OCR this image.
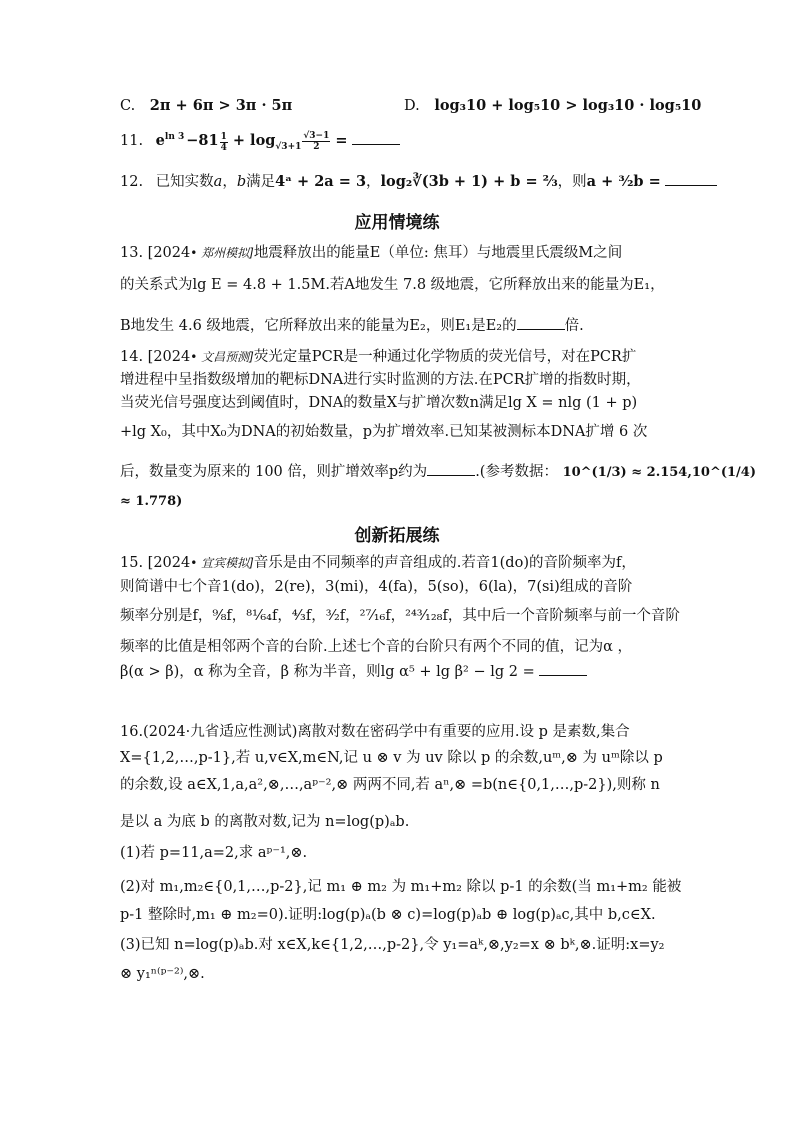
C. 2π + 6π > 3π · 5π	D. log₃10 + log₅10 > log₃10 · log₅10
11. $e^{ln 3} -81 \frac{1}{4} + \log_{√3+1} \frac{√3-1}{2}$ =
12. 已知实数a，b满足4ᵃ + 2a = 3，log₂∛(3b + 1) + b = ⅔，则a + ³⁄₂b =
应用情境练
13. [2024• 郑州模拟]地震释放出的能量E（单位: 焦耳）与地震里氏震级M之间
的关系式为lg E = 4.8 + 1.5M.若A地发生 7.8 级地震，它所释放出来的能量为E₁，
B地发生 4.6 级地震，它所释放出来的能量为E₂，则E₁是E₂的	倍.
14. [2024• 文昌预测]荧光定量PCR是一种通过化学物质的荧光信号，对在PCR扩
增进程中呈指数级增加的靶标DNA进行实时监测的方法.在PCR扩增的指数时期，
当荧光信号强度达到阈值时，DNA的数量X与扩增次数n满足lg X = nlg (1 + p)
+lg X₀，其中X₀为DNA的初始数量，p为扩增效率.已知某被测标本DNA扩增 6 次
后，数量变为原来的 100 倍，则扩增效率p约为	.(参考数据： 10^(1/3) ≈ 2.154,10^(1/4)
≈ 1.778)
创新拓展练
15. [2024• 宜宾模拟]音乐是由不同频率的声音组成的.若音1(do)的音阶频率为f，
则简谱中七个音1(do)，2(re)，3(mi)，4(fa)，5(so)，6(la)，7(si)组成的音阶
频率分别是f，⁹⁄₈f，⁸¹⁄₆₄f，⁴⁄₃f，³⁄₂f，²⁷⁄₁₆f，²⁴³⁄₁₂₈f，其中后一个音阶频率与前一个音阶
频率的比值是相邻两个音的台阶.上述七个音的台阶只有两个不同的值，记为α ，
β(α > β)，α 称为全音，β 称为半音，则lg α⁵ + lg β² − lg 2 =
16.(2024·九省适应性测试)离散对数在密码学中有重要的应用.设 p 是素数,集合
X={1,2,…,p-1},若 u,v∈X,m∈N,记 u ⊗ v 为 uv 除以 p 的余数,uᵐ,⊗ 为 uᵐ除以 p
的余数,设 a∈X,1,a,a²,⊗,…,aᵖ⁻²,⊗ 两两不同,若 aⁿ,⊗ =b(n∈{0,1,…,p-2}),则称 n
是以 a 为底 b 的离散对数,记为 n=log(p)ₐb.
(1)若 p=11,a=2,求 aᵖ⁻¹,⊗.
(2)对 m₁,m₂∈{0,1,…,p-2},记 m₁ ⊕ m₂ 为 m₁+m₂ 除以 p-1 的余数(当 m₁+m₂ 能被
p-1 整除时,m₁ ⊕ m₂=0).证明:log(p)ₐ(b ⊗ c)=log(p)ₐb ⊕ log(p)ₐc,其中 b,c∈X.
(3)已知 n=log(p)ₐb.对 x∈X,k∈{1,2,…,p-2},令 y₁=aᵏ,⊗,y₂=x ⊗ bᵏ,⊗.证明:x=y₂
⊗ y₁ⁿ⁽ᵖ⁻²⁾,⊗.
